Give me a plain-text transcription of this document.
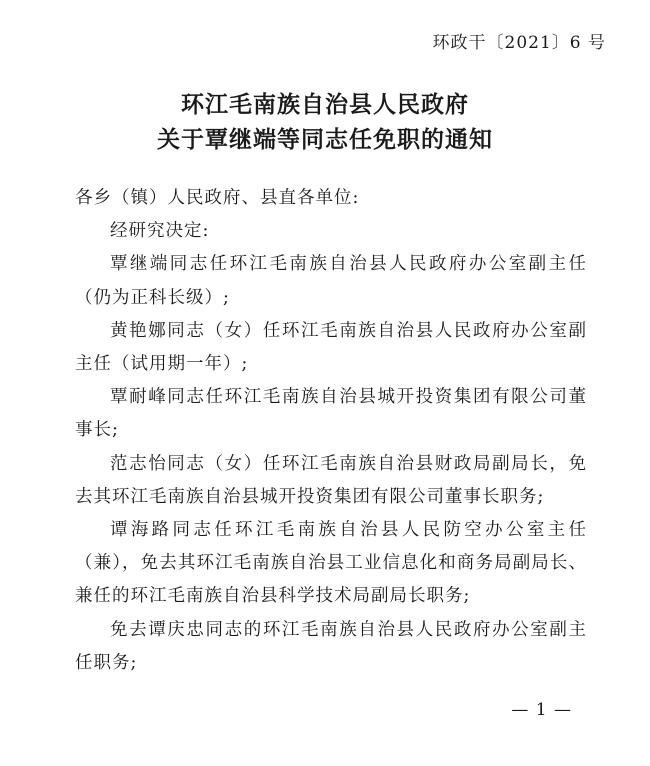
环政干〔2021〕6 号
环江毛南族自治县人民政府
关于覃继端等同志任免职的通知

各乡（镇）人民政府、县直各单位:

经研究决定:

覃继端同志任环江毛南族自治县人民政府办公室副主任（仍为正科长级）;

黄艳娜同志（女）任环江毛南族自治县人民政府办公室副主任（试用期一年）;

覃耐峰同志任环江毛南族自治县城开投资集团有限公司董事长;

范志怡同志（女）任环江毛南族自治县财政局副局长，免去其环江毛南族自治县城开投资集团有限公司董事长职务;

谭海路同志任环江毛南族自治县人民防空办公室主任（兼），免去其环江毛南族自治县工业信息化和商务局副局长、兼任的环江毛南族自治县科学技术局副局长职务;

免去谭庆忠同志的环江毛南族自治县人民政府办公室副主任职务;

— 1 —
